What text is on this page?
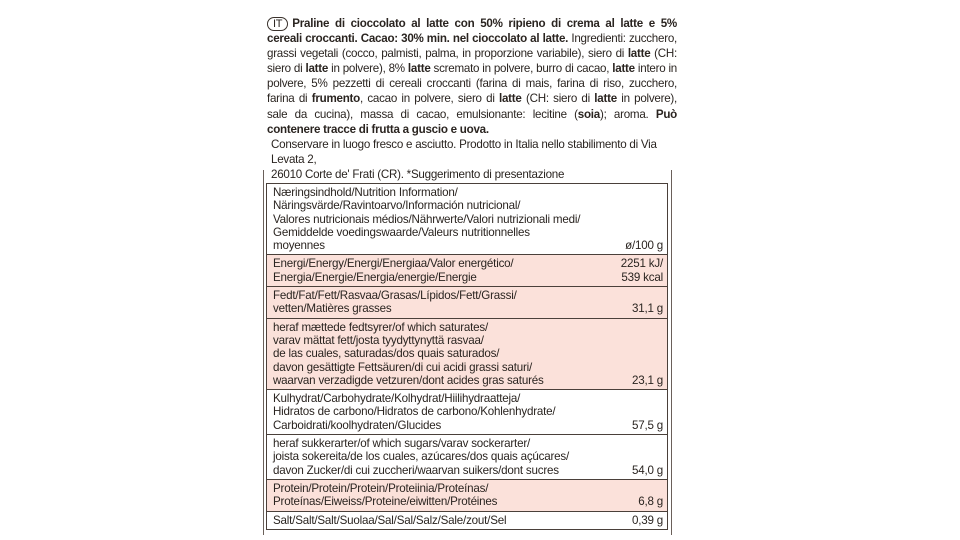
IT Praline di cioccolato al latte con 50% ripieno di crema al latte e 5% cereali croccanti. Cacao: 30% min. nel cioccolato al latte. Ingredienti: zucchero, grassi vegetali (cocco, palmisti, palma, in proporzione variabile), siero di latte (CH: siero di latte in polvere), 8% latte scremato in polvere, burro di cacao, latte intero in polvere, 5% pezzetti di cereali croccanti (farina di mais, farina di riso, zucchero, farina di frumento, cacao in polvere, siero di latte (CH: siero di latte in polvere), sale da cucina), massa di cacao, emulsionante: lecitine (soia); aroma. Può contenere tracce di frutta a guscio e uova.
Conservare in luogo fresco e asciutto. Prodotto in Italia nello stabilimento di Via Levata 2,
26010 Corte de' Frati (CR). *Suggerimento di presentazione
Næringsindhold/Nutrition Information/
Näringsvärde/Ravintoarvo/Información nutricional/
Valores nutricionais médios/Nährwerte/Valori nutrizionali medi/
Gemiddelde voedingswaarde/Valeurs nutritionnelles moyennes	ø/100 g
Energi/Energy/Energi/Energiaa/Valor energético/
Energia/Energie/Energia/energie/Energie	2251 kJ/
539 kcal
Fedt/Fat/Fett/Rasvaa/Grasas/Lípidos/Fett/Grassi/
vetten/Matières grasses	31,1 g
heraf mættede fedtsyrer/of which saturates/
varav mättat fett/josta tyydyttynyttä rasvaa/
de las cuales, saturadas/dos quais saturados/
davon gesättigte Fettsäuren/di cui acidi grassi saturi/
waarvan verzadigde vetzuren/dont acides gras saturés	23,1 g
Kulhydrat/Carbohydrate/Kolhydrat/Hiilihydraatteja/
Hidratos de carbono/Hidratos de carbono/Kohlenhydrate/
Carboidrati/koolhydraten/Glucides	57,5 g
heraf sukkerarter/of which sugars/varav sockerarter/
joista sokereita/de los cuales, azúcares/dos quais açúcares/
davon Zucker/di cui zuccheri/waarvan suikers/dont sucres	54,0 g
Protein/Protein/Protein/Proteiinia/Proteínas/
Proteínas/Eiweiss/Proteine/eiwitten/Protéines	6,8 g
Salt/Salt/Salt/Suolaa/Sal/Sal/Salz/Sale/zout/Sel	0,39 g
